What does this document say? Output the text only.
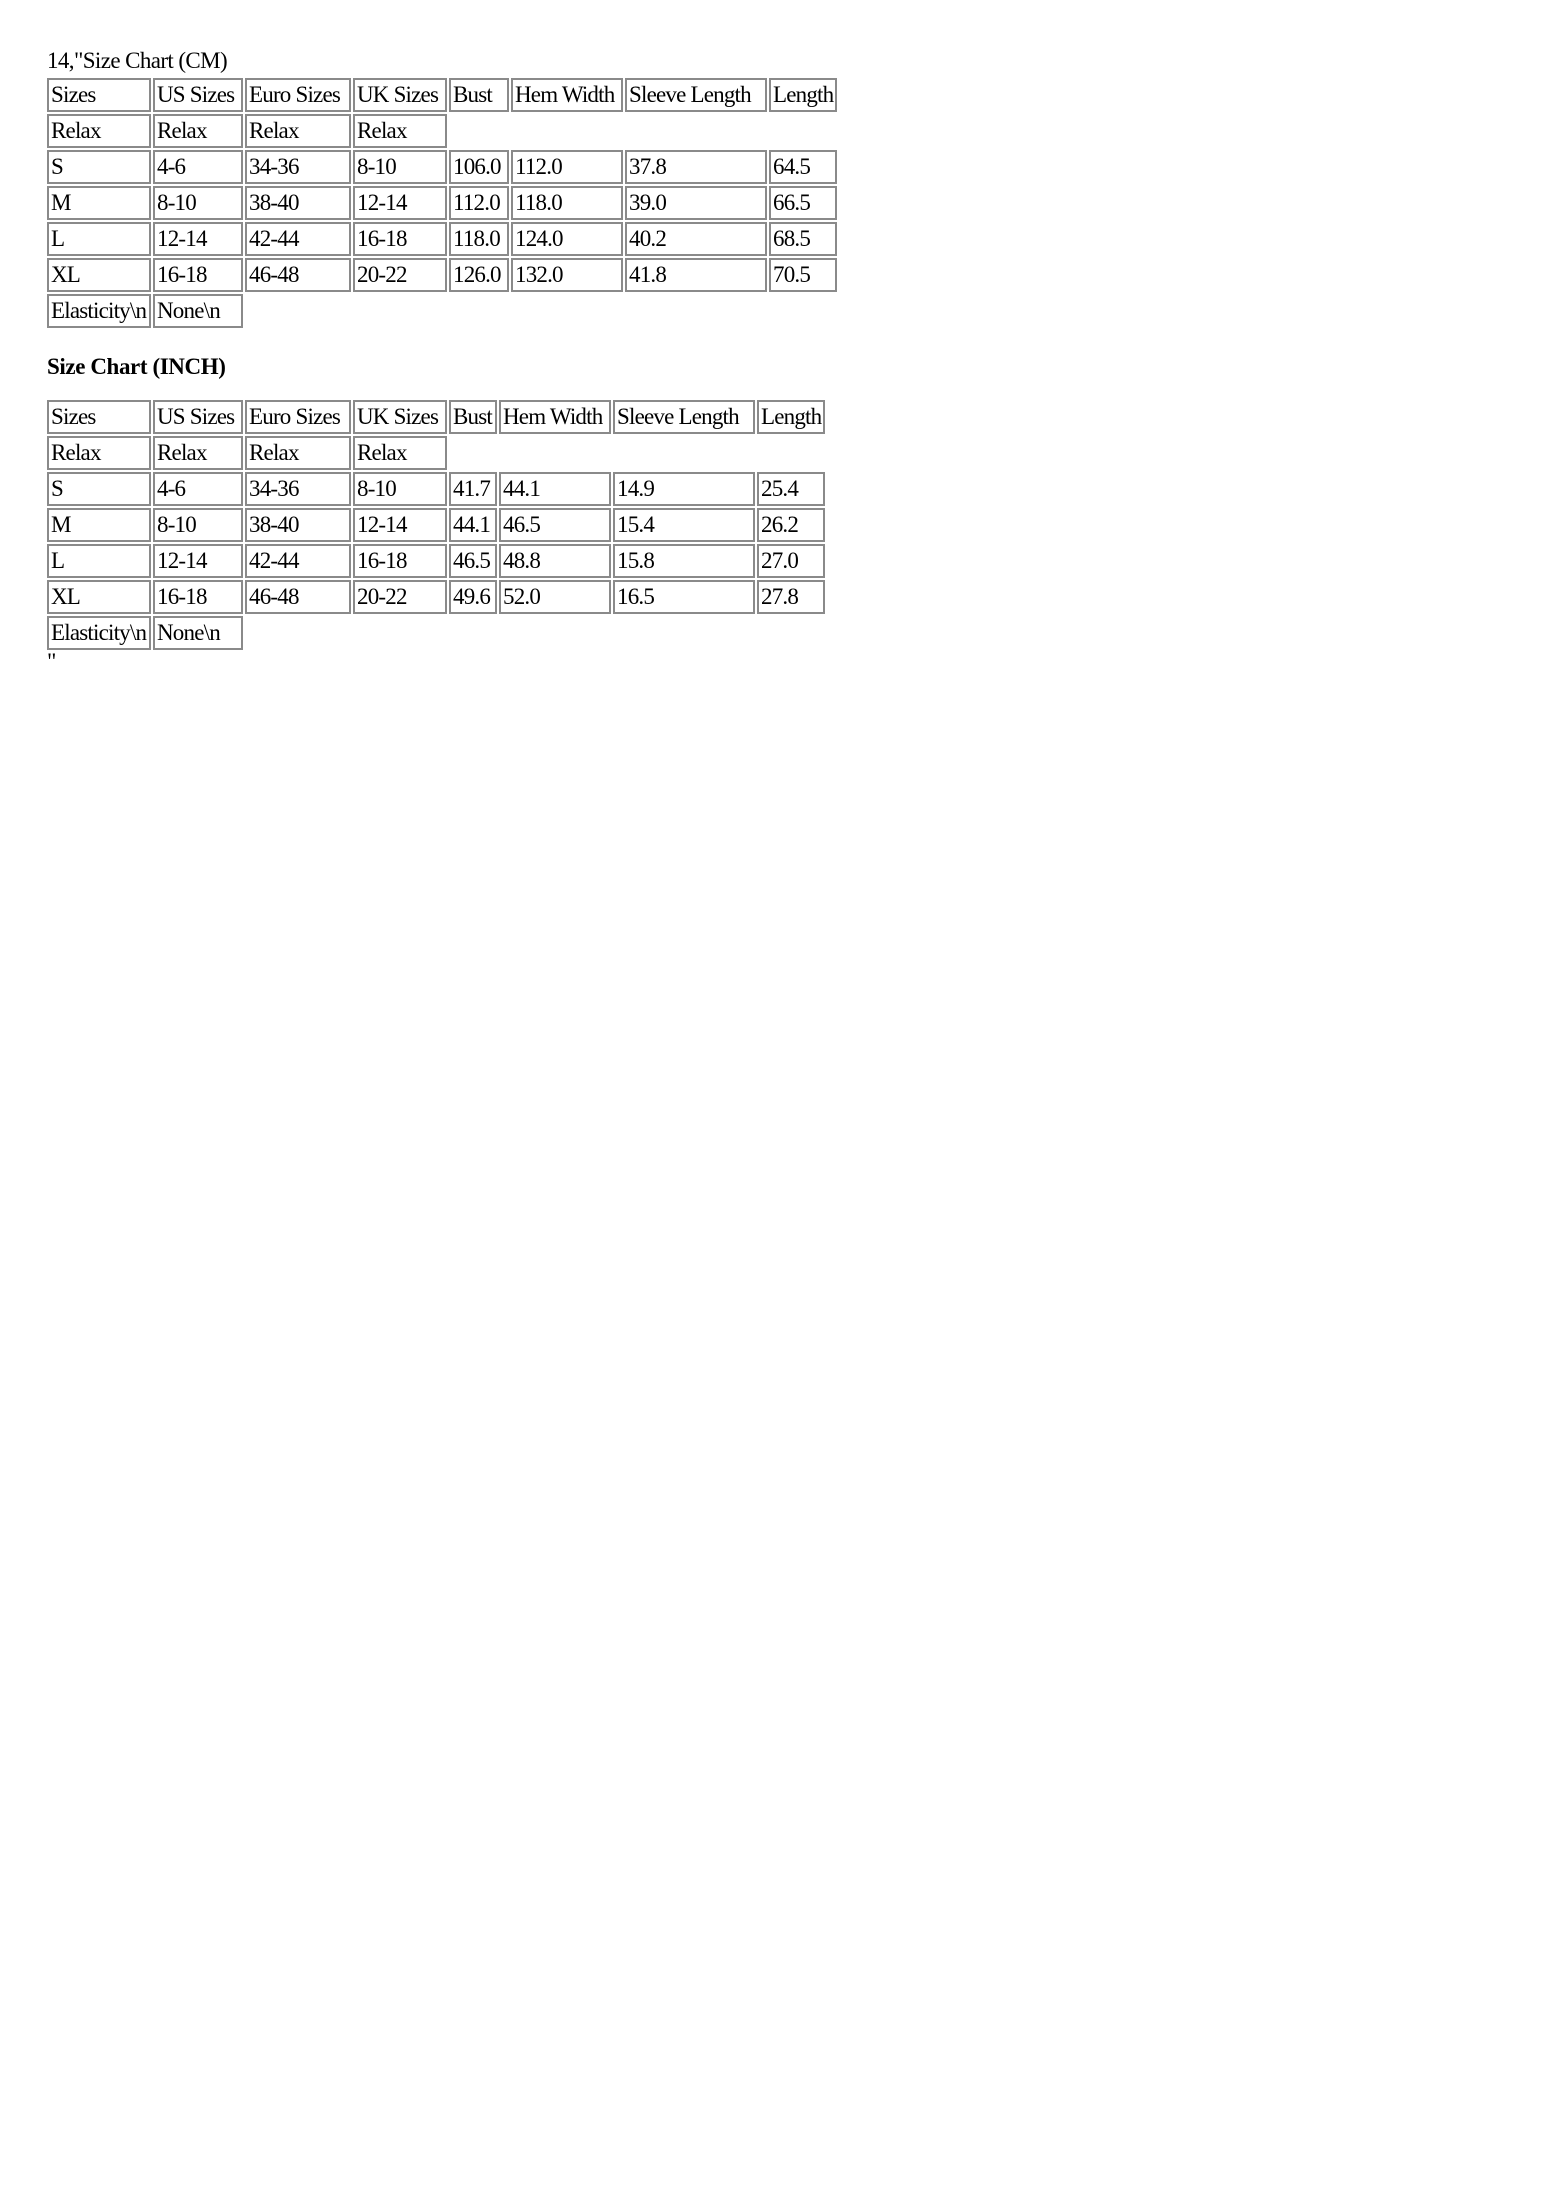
14,"Size Chart (CM)
Sizes	US Sizes	Euro Sizes	UK Sizes	Bust	Hem Width	Sleeve Length	Length
Relax	Relax	Relax	Relax				
S	4-6	34-36	8-10	106.0	112.0	37.8	64.5
M	8-10	38-40	12-14	112.0	118.0	39.0	66.5
L	12-14	42-44	16-18	118.0	124.0	40.2	68.5
XL	16-18	46-48	20-22	126.0	132.0	41.8	70.5
Elasticity\n	None\n						
Size Chart (INCH)
Sizes	US Sizes	Euro Sizes	UK Sizes	Bust	Hem Width	Sleeve Length	Length
Relax	Relax	Relax	Relax				
S	4-6	34-36	8-10	41.7	44.1	14.9	25.4
M	8-10	38-40	12-14	44.1	46.5	15.4	26.2
L	12-14	42-44	16-18	46.5	48.8	15.8	27.0
XL	16-18	46-48	20-22	49.6	52.0	16.5	27.8
Elasticity\n	None\n						
"
